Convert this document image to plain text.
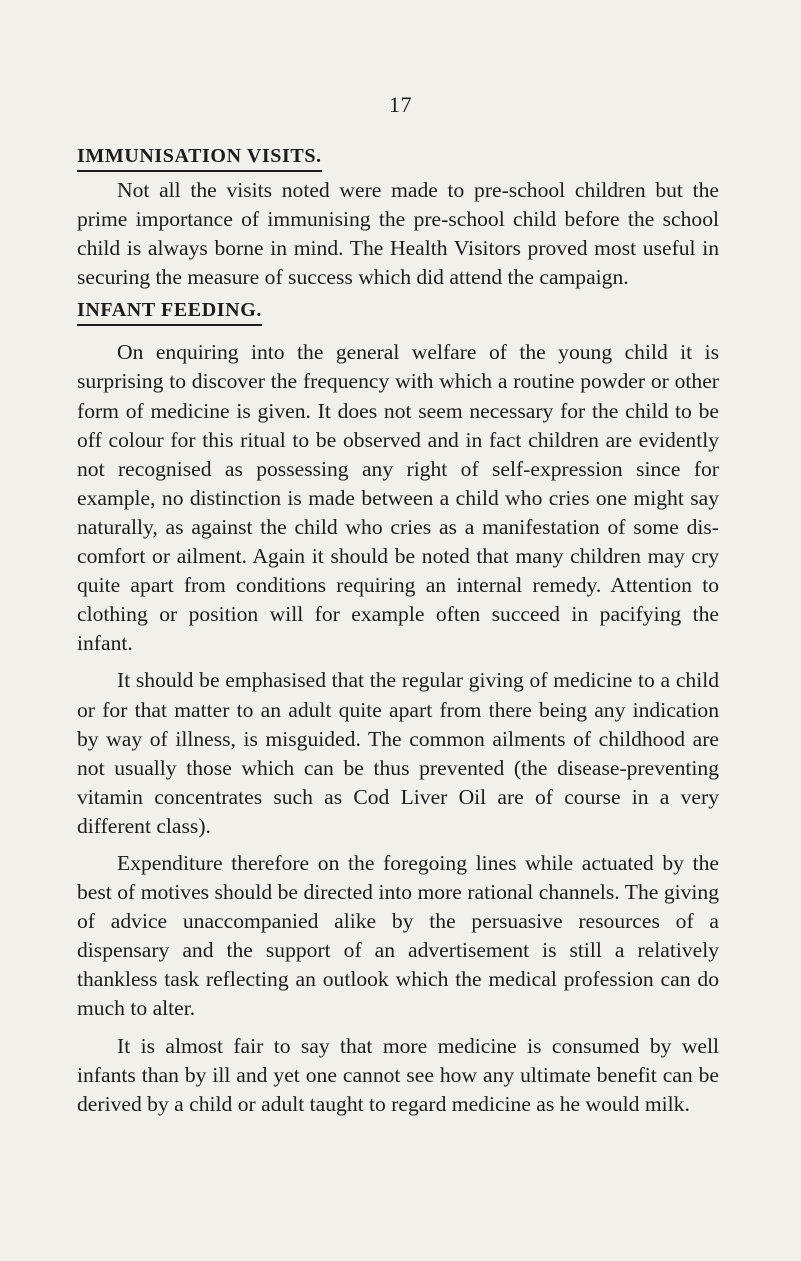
17
IMMUNISATION VISITS.

Not all the visits noted were made to pre-school children but the prime importance of immunising the pre-school child before the school child is always borne in mind. The Health Visitors proved most useful in securing the measure of success which did attend the campaign.

INFANT FEEDING.

On enquiring into the general welfare of the young child it is surprising to discover the frequency with which a routine powder or other form of medicine is given. It does not seem necessary for the child to be off colour for this ritual to be observed and in fact children are evidently not recognised as possessing any right of self-expression since for example, no distinction is made between a child who cries one might say naturally, as against the child who cries as a manifestation of some dis-comfort or ailment. Again it should be noted that many children may cry quite apart from conditions requiring an internal remedy. Attention to clothing or position will for example often succeed in pacifying the infant.

It should be emphasised that the regular giving of medicine to a child or for that matter to an adult quite apart from there being any indication by way of illness, is misguided. The common ailments of childhood are not usually those which can be thus prevented (the disease-preventing vitamin concentrates such as Cod Liver Oil are of course in a very different class).

Expenditure therefore on the foregoing lines while actuated by the best of motives should be directed into more rational channels. The giving of advice unaccompanied alike by the persuasive resources of a dispensary and the support of an advertisement is still a relatively thankless task reflecting an outlook which the medical profession can do much to alter.

It is almost fair to say that more medicine is consumed by well infants than by ill and yet one cannot see how any ultimate benefit can be derived by a child or adult taught to regard medicine as he would milk.
